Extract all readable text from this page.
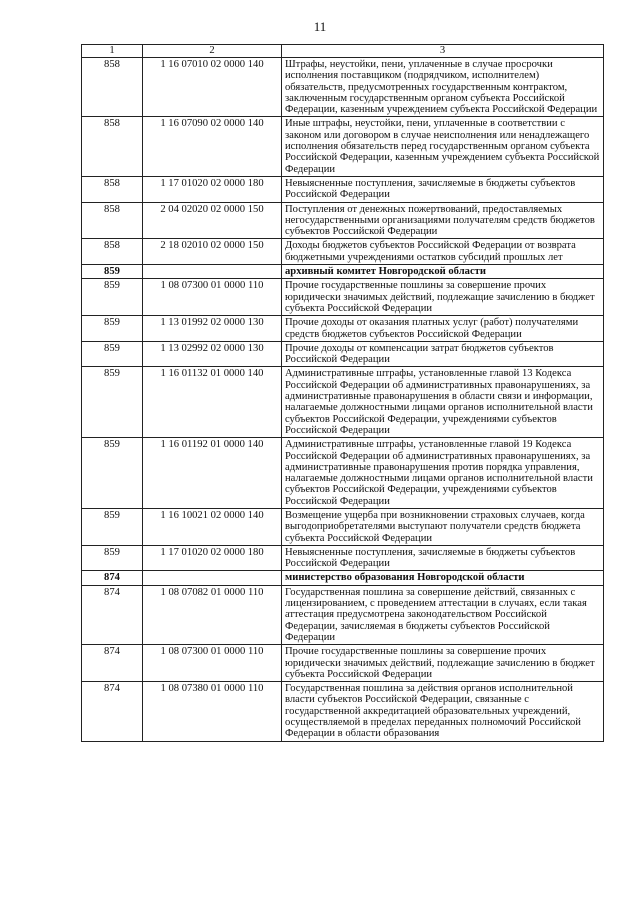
11
1	2	3
858	1 16 07010 02 0000 140	Штрафы, неустойки, пени, уплаченные в случае просрочки исполнения поставщиком (подрядчиком, исполнителем) обязательств, предусмотренных государственным контрактом, заключенным государственным органом субъекта Российской Федерации, казенным учреждением субъекта Российской Федерации
858	1 16 07090 02 0000 140	Иные штрафы, неустойки, пени, уплаченные в соответствии с законом или договором в случае неисполнения или ненадлежащего исполнения обязательств перед государственным органом субъекта Российской Федерации, казенным учреждением субъекта Российской Федерации
858	1 17 01020 02 0000 180	Невыясненные поступления, зачисляемые в бюджеты субъектов Российской Федерации
858	2 04 02020 02 0000 150	Поступления от денежных пожертвований, предоставляемых негосударственными организациями получателям средств бюджетов субъектов Российской Федерации
858	2 18 02010 02 0000 150	Доходы бюджетов субъектов Российской Федерации от возврата бюджетными учреждениями остатков субсидий прошлых лет
859		архивный комитет Новгородской области
859	1 08 07300 01 0000 110	Прочие государственные пошлины за совершение прочих юридически значимых действий, подлежащие зачислению в бюджет субъекта Российской Федерации
859	1 13 01992 02 0000 130	Прочие доходы от оказания платных услуг (работ) получателями средств бюджетов субъектов Российской Федерации
859	1 13 02992 02 0000 130	Прочие доходы от компенсации затрат бюджетов субъектов Российской Федерации
859	1 16 01132 01 0000 140	Административные штрафы, установленные главой 13 Кодекса Российской Федерации об административных правонарушениях, за административные правонарушения в области связи и информации, налагаемые должностными лицами органов исполнительной власти субъектов Российской Федерации, учреждениями субъектов Российской Федерации
859	1 16 01192 01 0000 140	Административные штрафы, установленные главой 19 Кодекса Российской Федерации об административных правонарушениях, за административные правонарушения против порядка управления, налагаемые должностными лицами органов исполнительной власти субъектов Российской Федерации, учреждениями субъектов Российской Федерации
859	1 16 10021 02 0000 140	Возмещение ущерба при возникновении страховых случаев, когда выгодоприобретателями выступают получатели средств бюджета субъекта Российской Федерации
859	1 17 01020 02 0000 180	Невыясненные поступления, зачисляемые в бюджеты субъектов Российской Федерации
874		министерство образования Новгородской области
874	1 08 07082 01 0000 110	Государственная пошлина за совершение действий, связанных с лицензированием, с проведением аттестации в случаях, если такая аттестация предусмотрена законодательством Российской Федерации, зачисляемая в бюджеты субъектов Российской Федерации
874	1 08 07300 01 0000 110	Прочие государственные пошлины за совершение прочих юридически значимых действий, подлежащие зачислению в бюджет субъекта Российской Федерации
874	1 08 07380 01 0000 110	Государственная пошлина за действия органов исполнительной власти субъектов Российской Федерации, связанные с государственной аккредитацией образовательных учреждений, осуществляемой в пределах переданных полномочий Российской Федерации в области образования
